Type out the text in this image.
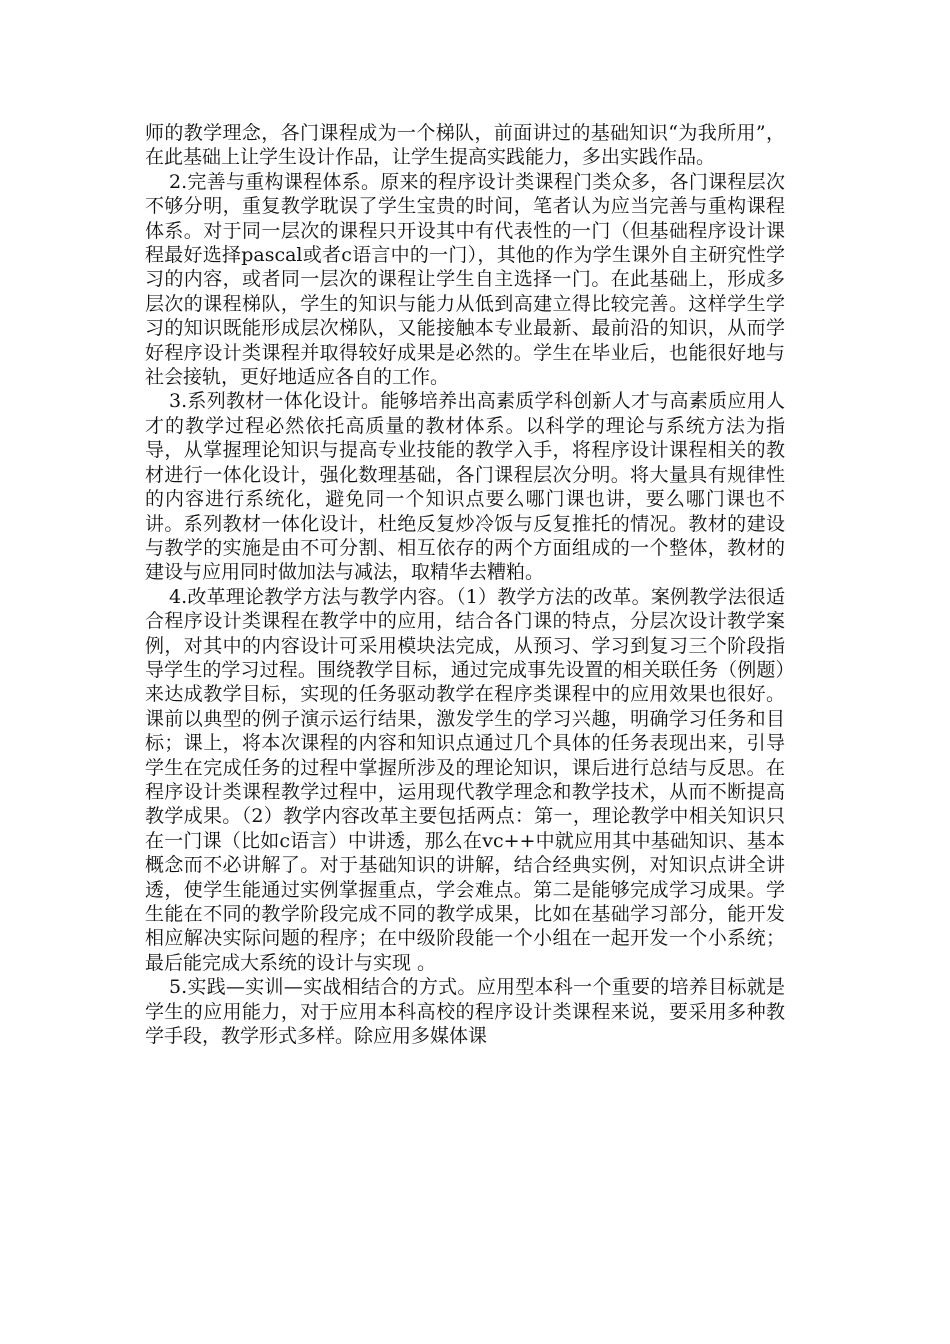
师的教学理念，各门课程成为一个梯队，前面讲过的基础知识“为我所用”，在此基础上让学生设计作品，让学生提高实践能力，多出实践作品。

2.完善与重构课程体系。原来的程序设计类课程门类众多，各门课程层次不够分明，重复教学耽误了学生宝贵的时间，笔者认为应当完善与重构课程体系。对于同一层次的课程只开设其中有代表性的一门（但基础程序设计课程最好选择pascal或者c语言中的一门），其他的作为学生课外自主研究性学习的内容，或者同一层次的课程让学生自主选择一门。在此基础上，形成多层次的课程梯队，学生的知识与能力从低到高建立得比较完善。这样学生学习的知识既能形成层次梯队，又能接触本专业最新、最前沿的知识，从而学好程序设计类课程并取得较好成果是必然的。学生在毕业后，也能很好地与社会接轨，更好地适应各自的工作。

3.系列教材一体化设计。能够培养出高素质学科创新人才与高素质应用人才的教学过程必然依托高质量的教材体系。以科学的理论与系统方法为指导，从掌握理论知识与提高专业技能的教学入手，将程序设计课程相关的教材进行一体化设计，强化数理基础，各门课程层次分明。将大量具有规律性的内容进行系统化，避免同一个知识点要么哪门课也讲，要么哪门课也不讲。系列教材一体化设计，杜绝反复炒冷饭与反复推托的情况。教材的建设与教学的实施是由不可分割、相互依存的两个方面组成的一个整体，教材的建设与应用同时做加法与减法，取精华去糟粕。

4.改革理论教学方法与教学内容。（1）教学方法的改革。案例教学法很适合程序设计类课程在教学中的应用，结合各门课的特点，分层次设计教学案例，对其中的内容设计可采用模块法完成，从预习、学习到复习三个阶段指导学生的学习过程。围绕教学目标，通过完成事先设置的相关联任务（例题）来达成教学目标，实现的任务驱动教学在程序类课程中的应用效果也很好。课前以典型的例子演示运行结果，激发学生的学习兴趣，明确学习任务和目标；课上，将本次课程的内容和知识点通过几个具体的任务表现出来，引导学生在完成任务的过程中掌握所涉及的理论知识，课后进行总结与反思。在程序设计类课程教学过程中，运用现代教学理念和教学技术，从而不断提高教学成果。（2）教学内容改革主要包括两点：第一，理论教学中相关知识只在一门课（比如c语言）中讲透，那么在vc++中就应用其中基础知识、基本概念而不必讲解了。对于基础知识的讲解，结合经典实例，对知识点讲全讲透，使学生能通过实例掌握重点，学会难点。第二是能够完成学习成果。学生能在不同的教学阶段完成不同的教学成果，比如在基础学习部分，能开发相应解决实际问题的程序；在中级阶段能一个小组在一起开发一个小系统；最后能完成大系统的设计与实现 。

5.实践—实训—实战相结合的方式。应用型本科一个重要的培养目标就是学生的应用能力，对于应用本科高校的程序设计类课程来说，要采用多种教学手段，教学形式多样。除应用多媒体课
